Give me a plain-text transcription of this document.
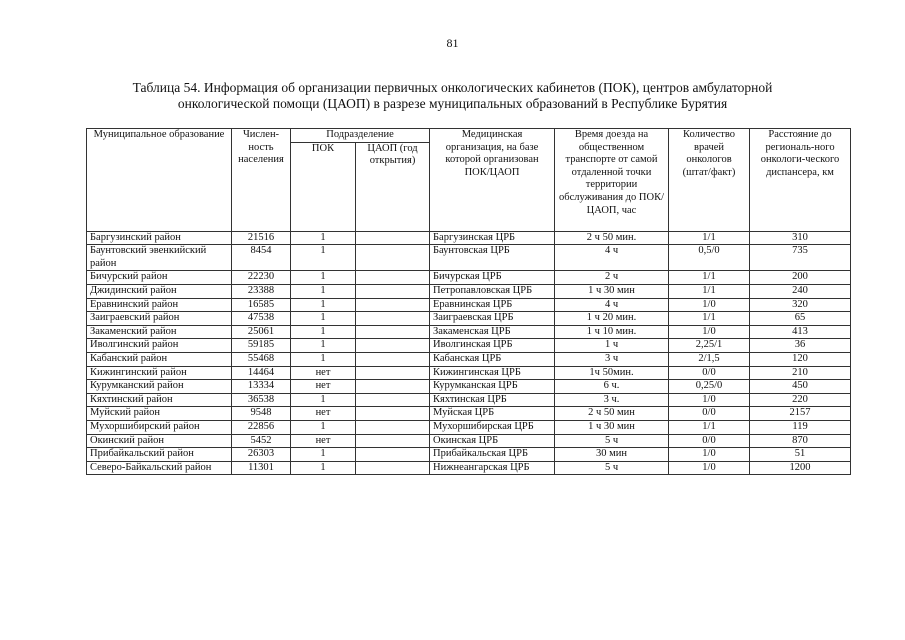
81
Таблица 54. Информация об организации первичных онкологических кабинетов (ПОК), центров амбулаторной
онкологической помощи (ЦАОП) в разрезе муниципальных образований в Республике Бурятия
Муниципальное образование	Числен-ность населения	Подразделение		Медицинская организация, на базе которой организован ПОК/ЦАОП	Время доезда на общественном транспорте от самой отдаленной точки территории обслуживания до ПОК/ЦАОП, час	Количество врачей онкологов (штат/факт)	Расстояние до региональ-ного онкологи-ческого диспансера, км
		ПОК	ЦАОП (год открытия)				
Баргузинский район	21516	1		Баргузинская ЦРБ	2 ч 50 мин.	1/1	310
Баунтовский эвенкийский район	8454	1		Баунтовская ЦРБ	4 ч	0,5/0	735
Бичурский район	22230	1		Бичурская ЦРБ	2 ч	1/1	200
Джидинский район	23388	1		Петропавловская ЦРБ	1 ч 30 мин	1/1	240
Еравнинский район	16585	1		Еравнинская ЦРБ	4 ч	1/0	320
Заиграевский район	47538	1		Заиграевская ЦРБ	1 ч 20 мин.	1/1	65
Закаменский район	25061	1		Закаменская ЦРБ	1 ч 10 мин.	1/0	413
Иволгинский район	59185	1		Иволгинская ЦРБ	1 ч	2,25/1	36
Кабанский район	55468	1		Кабанская ЦРБ	3 ч	2/1,5	120
Кижингинский район	14464	нет		Кижингинская ЦРБ	1ч 50мин.	0/0	210
Курумканский район	13334	нет		Курумканская ЦРБ	6 ч.	0,25/0	450
Кяхтинский район	36538	1		Кяхтинская ЦРБ	3 ч.	1/0	220
Муйский район	9548	нет		Муйская ЦРБ	2 ч 50 мин	0/0	2157
Мухоршибирский район	22856	1		Мухоршибирская ЦРБ	1 ч 30 мин	1/1	119
Окинский район	5452	нет		Окинская ЦРБ	5 ч	0/0	870
Прибайкальский район	26303	1		Прибайкальская ЦРБ	30 мин	1/0	51
Северо-Байкальский район	11301	1		Нижнеангарская ЦРБ	5 ч	1/0	1200
